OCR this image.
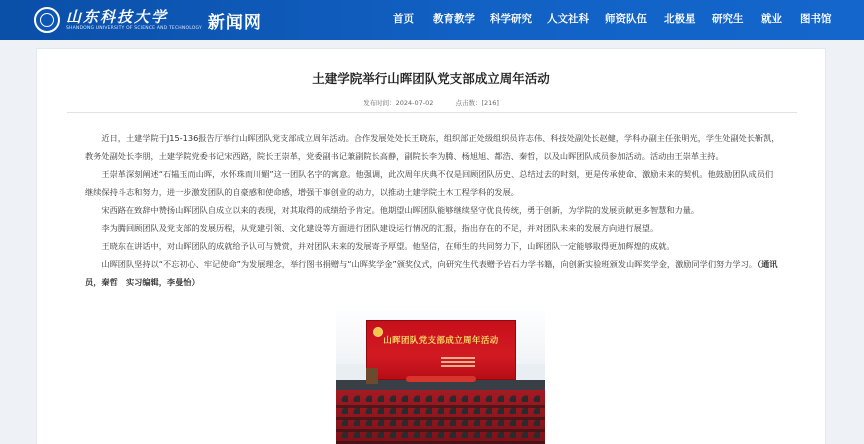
山东科技大学
SHANDONG UNIVERSITY OF SCIENCE AND TECHNOLOGY 新闻网	首页 教育教学 科学研究 人文社科 师资队伍 北极星 研究生 就业 图书馆
土建学院举行山晖团队党支部成立周年活动
发布时间：2024-07-02	点击数：[216]

近日，土建学院于J15-136报告厅举行山晖团队党支部成立周年活动。合作发展处处长王晓东，组织部正处级组织员许志伟、科技处副处长赵健，学科办副主任张明光，学生处副处长靳凯，教务处副处长李朋，土建学院党委书记宋西路，院长王崇革，党委副书记兼副院长高静，副院长李为腾、杨旭旭、都浩、秦哲，以及山晖团队成员参加活动。活动由王崇革主持。

王崇革深刻阐述“石韫玉而山晖，水怀珠而川媚”这一团队名字的寓意。他强调，此次周年庆典不仅是回顾团队历史、总结过去的时刻，更是传承使命、激励未来的契机。他鼓励团队成员们继续保持斗志和努力，进一步激发团队的自豪感和使命感，增强干事创业的动力，以推动土建学院土木工程学科的发展。

宋西路在致辞中赞扬山晖团队自成立以来的表现，对其取得的成绩给予肯定。他期望山晖团队能够继续坚守优良传统，勇于创新，为学院的发展贡献更多智慧和力量。

李为腾回顾团队及党支部的发展历程，从党建引领、文化建设等方面进行团队建设运行情况的汇报，指出存在的不足，并对团队未来的发展方向进行展望。

王晓东在讲话中，对山晖团队的成就给予认可与赞赏，并对团队未来的发展寄予厚望。他坚信，在师生的共同努力下，山晖团队一定能够取得更加辉煌的成就。

山晖团队坚持以“不忘初心、牢记使命”为发展理念，举行图书捐赠与“山晖奖学金”颁奖仪式，向研究生代表赠予岩石力学书籍，向创新实验班颁发山晖奖学金，激励同学们努力学习。（通讯员，秦哲　实习编辑，李曼怡）

山晖团队党支部成立周年活动
